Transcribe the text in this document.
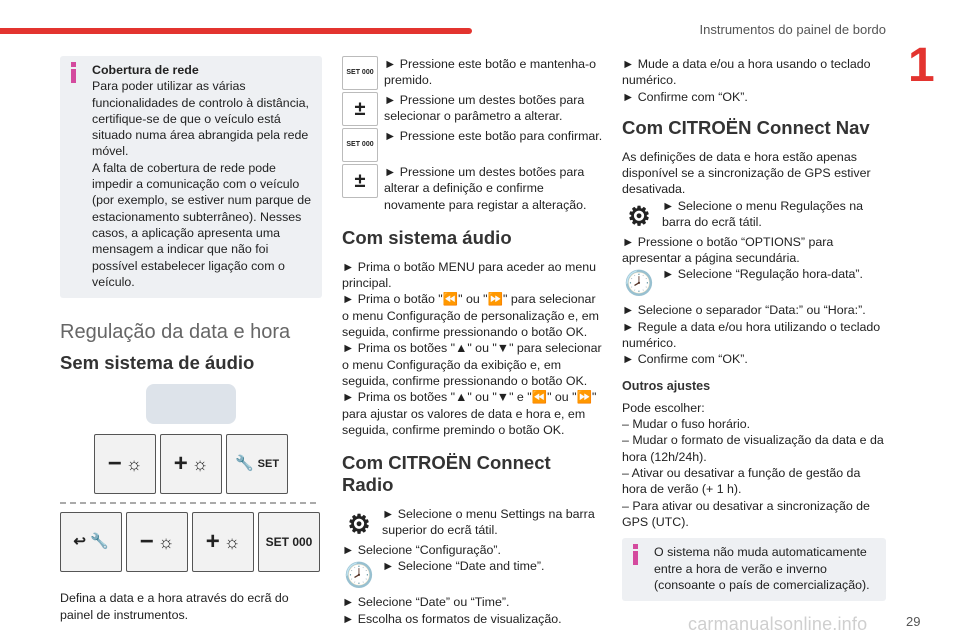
Instrumentos do painel de bordo
1
29
carmanualsonline.info

Cobertura de rede

Para poder utilizar as várias funcionalidades de controlo à distância, certifique-se de que o veículo está situado numa área abrangida pela rede móvel.

A falta de cobertura de rede pode impedir a comunicação com o veículo (por exemplo, se estiver num parque de estacionamento subterrâneo). Nesses casos, a aplicação apresenta uma mensagem a indicar que não foi possível estabelecer ligação com o veículo.

Regulação da data e hora
Sem sistema de áudio
− ☼ + ☼ 🔧 SET
↩ 🔧 − ☼ + ☼ SET 000

Defina a data e a hora através do ecrã do painel de instrumentos.

SET 000

► Pressione este botão e mantenha-o premido.

±	► Pressione um destes botões para selecionar o parâmetro a alterar.

SET 000

► Pressione este botão para confirmar.

±	► Pressione um destes botões para alterar a definição e confirme novamente para registar a alteração.

Com sistema áudio

► Prima o botão MENU para aceder ao menu principal.

► Prima o botão "⏪" ou "⏩" para selecionar o menu Configuração de personalização e, em seguida, confirme pressionando o botão OK.

► Prima os botões "▲" ou "▼" para selecionar o menu Configuração da exibição e, em seguida, confirme pressionando o botão OK.

► Prima os botões "▲" ou "▼" e "⏪" ou "⏩" para ajustar os valores de data e hora e, em seguida, confirme premindo o botão OK.

Com CITROËN Connect Radio
⚙ ► Selecione o menu Settings na barra superior do ecrã tátil.

► Selecione “Configuração”.

🕗 ► Selecione “Date and time”.

► Selecione “Date” ou “Time”.

► Escolha os formatos de visualização.

► Mude a data e/ou a hora usando o teclado numérico.

► Confirme com “OK”.

Com CITROËN Connect Nav

As definições de data e hora estão apenas disponível se a sincronização de GPS estiver desativada.

⚙ ► Selecione o menu Regulações na barra do ecrã tátil.

► Pressione o botão “OPTIONS” para apresentar a página secundária.

🕗 ► Selecione “Regulação hora-data”.

► Selecione o separador “Data:” ou “Hora:”.

► Regule a data e/ou hora utilizando o teclado numérico.

► Confirme com “OK”.

Outros ajustes

Pode escolher:

– Mudar o fuso horário.

– Mudar o formato de visualização da data e da hora (12h/24h).

– Ativar ou desativar a função de gestão da hora de verão (+ 1 h).

– Para ativar ou desativar a sincronização de GPS (UTC).

O sistema não muda automaticamente entre a hora de verão e inverno (consoante o país de comercialização).
